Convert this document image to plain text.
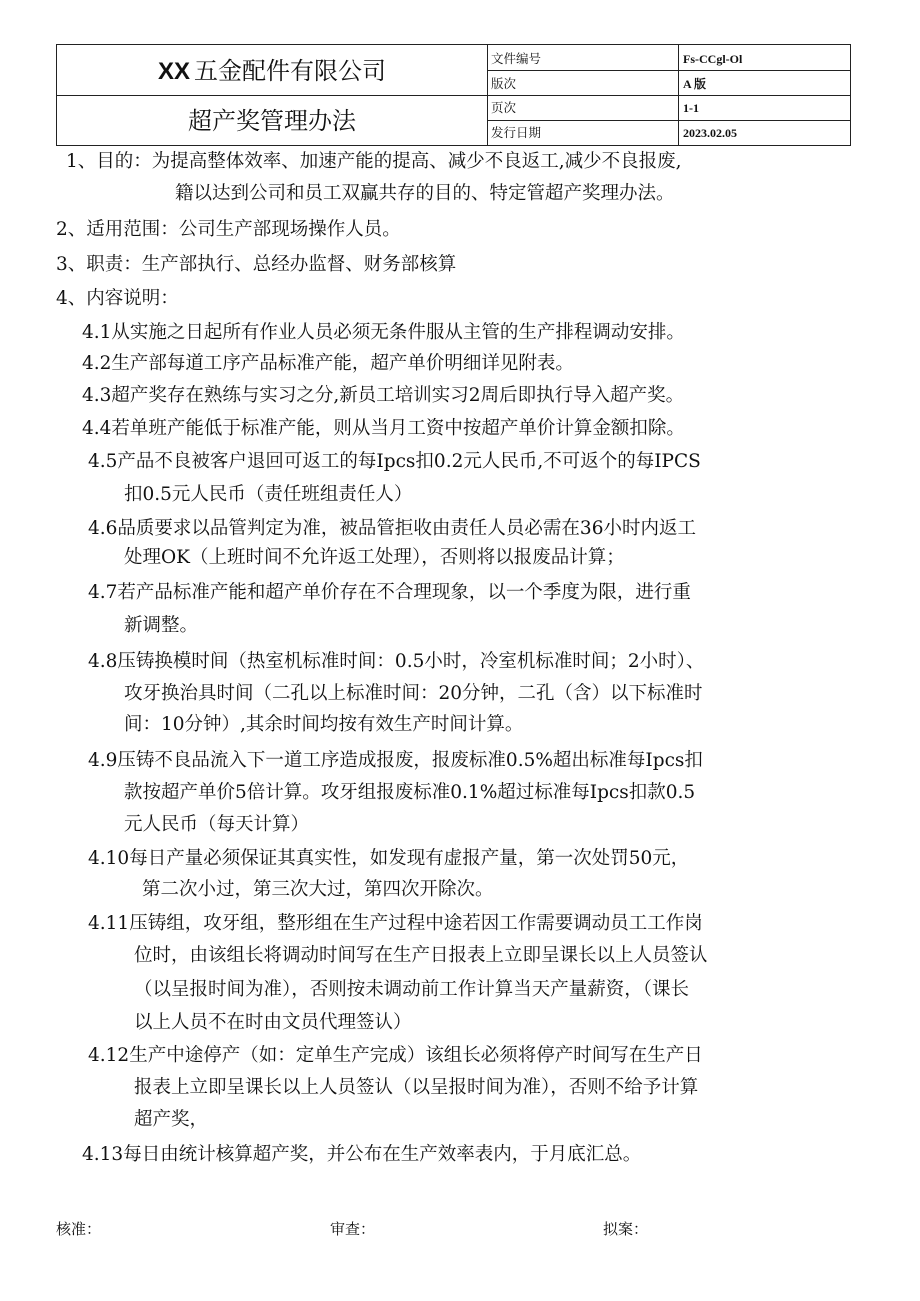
XX 五金配件有限公司
超产奖管理办法
文件编号	Fs-CCgl-Ol
版次	A 版
页次	1-1
发行日期	2023.02.05
1、目的：为提高整体效率、加速产能的提高、减少不良返工,减少不良报废,
籍以达到公司和员工双赢共存的目的、特定管超产奖理办法。
2、适用范围：公司生产部现场操作人员。
3、职责：生产部执行、总经办监督、财务部核算
4、内容说明：
4.1从实施之日起所有作业人员必须无条件服从主管的生产排程调动安排。
4.2生产部每道工序产品标准产能，超产单价明细详见附表。
4.3超产奖存在熟练与实习之分,新员工培训实习2周后即执行导入超产奖。
4.4若单班产能低于标准产能，则从当月工资中按超产单价计算金额扣除。
4.5产品不良被客户退回可返工的每Ipcs扣0.2元人民币,不可返个的每IPCS
扣0.5元人民币（责任班组责任人）
4.6品质要求以品管判定为准，被品管拒收由责任人员必需在36小时内返工
处理OK（上班时间不允许返工处理），否则将以报废品计算；
4.7若产品标准产能和超产单价存在不合理现象，以一个季度为限，进行重
新调整。
4.8压铸换模时间（热室机标准时间：0.5小时，冷室机标准时间；2小时）、
攻牙换治具时间（二孔以上标准时间：20分钟，二孔（含）以下标准时
间：10分钟）,其余时间均按有效生产时间计算。
4.9压铸不良品流入下一道工序造成报废，报废标准0.5%超出标准每Ipcs扣
款按超产单价5倍计算。攻牙组报废标准0.1%超过标准每Ipcs扣款0.5
元人民币（每天计算）
4.10每日产量必须保证其真实性，如发现有虚报产量，第一次处罚50元，
第二次小过，第三次大过，第四次开除次。
4.11压铸组，攻牙组，整形组在生产过程中途若因工作需要调动员工工作岗
位时，由该组长将调动时间写在生产日报表上立即呈课长以上人员签认
（以呈报时间为准），否则按未调动前工作计算当天产量薪资，（课长
以上人员不在时由文员代理签认）
4.12生产中途停产（如：定单生产完成）该组长必须将停产时间写在生产日
报表上立即呈课长以上人员签认（以呈报时间为准），否则不给予计算
超产奖，
4.13每日由统计核算超产奖，并公布在生产效率表内，于月底汇总。
核准：	审查：	拟案：
